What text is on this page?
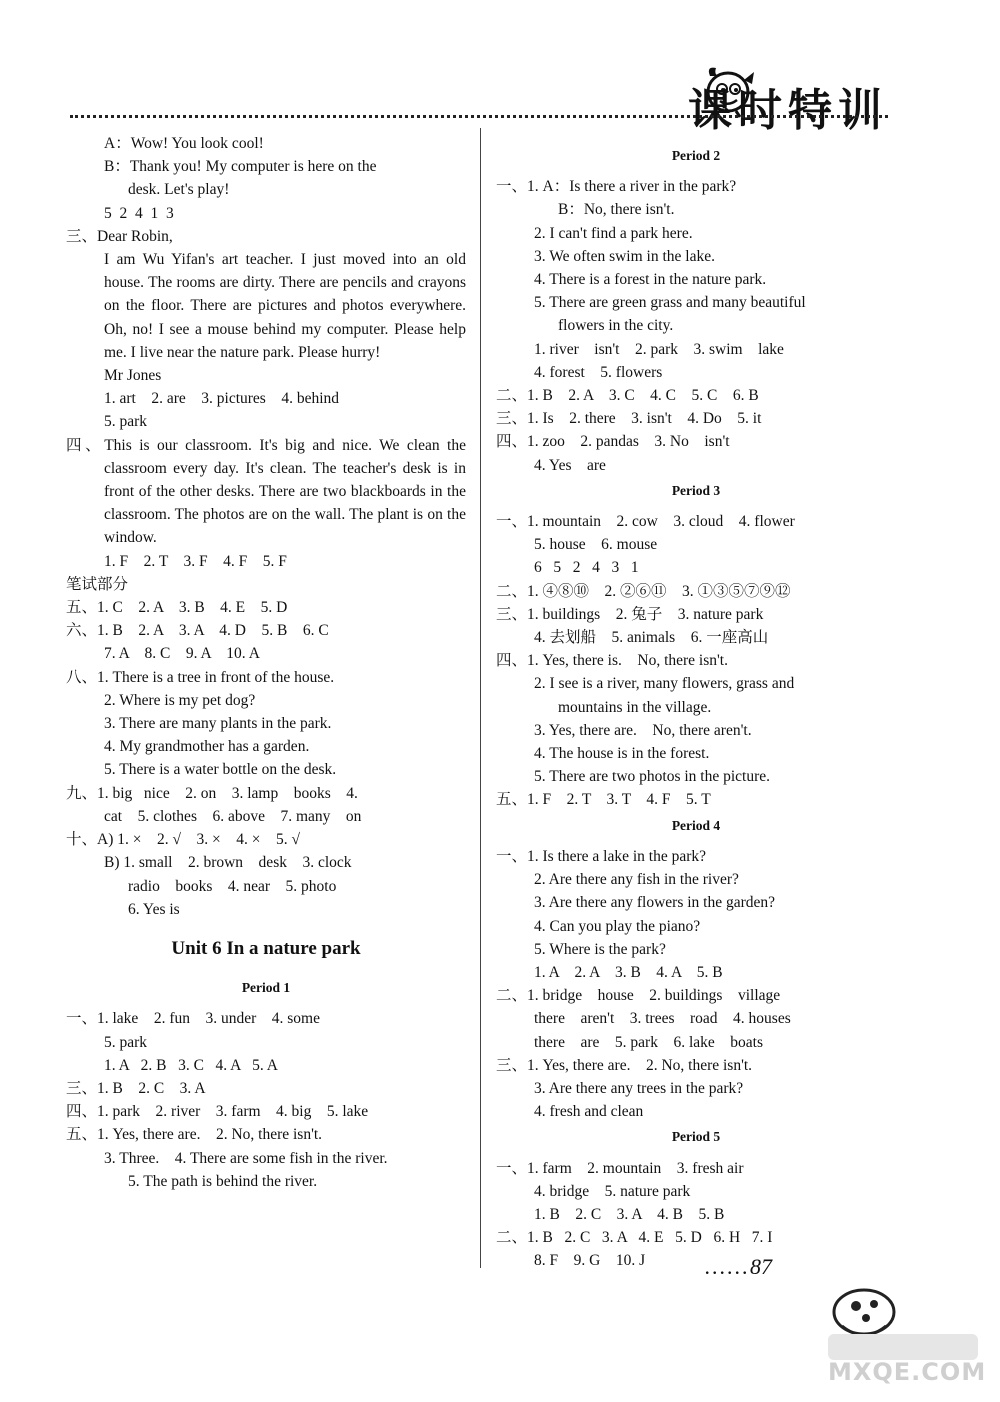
课时特训
A：Wow! You look cool!
B：Thank you! My computer is here on the
desk. Let's play!
5  2  4  1  3
三、Dear Robin,
I am Wu Yifan's art teacher. I just moved into an old house. The rooms are dirty. There are pencils and crayons on the floor. There are pictures and photos everywhere. Oh, no! I see a mouse behind my computer. Please help me. I live near the nature park. Please hurry!
Mr Jones
1. art    2. are    3. pictures    4. behind
5. park
四、This is our classroom. It's big and nice. We clean the classroom every day. It's clean. The teacher's desk is in front of the other desks. There are two blackboards in the classroom. The photos are on the wall. The plant is on the window.
1. F    2. T    3. F    4. F    5. F
笔试部分
五、1. C    2. A    3. B    4. E    5. D
六、1. B    2. A    3. A    4. D    5. B    6. C
7. A    8. C    9. A    10. A
八、1. There is a tree in front of the house.
2. Where is my pet dog?
3. There are many plants in the park.
4. My grandmother has a garden.
5. There is a water bottle on the desk.
九、1. big   nice    2. on    3. lamp    books    4.
cat    5. clothes    6. above    7. many    on
十、A) 1. ×    2. √    3. ×    4. ×    5. √
B) 1. small    2. brown    desk    3. clock
radio    books    4. near    5. photo
6. Yes is
Unit 6 In a nature park
Period 1
一、1. lake    2. fun    3. under    4. some
5. park
1. A   2. B   3. C   4. A   5. A
三、1. B    2. C    3. A
四、1. park    2. river    3. farm    4. big    5. lake
五、1. Yes, there are.    2. No, there isn't.
3. Three.    4. There are some fish in the river.
5. The path is behind the river.
Period 2
一、1. A：Is there a river in the park?
B：No, there isn't.
2. I can't find a park here.
3. We often swim in the lake.
4. There is a forest in the nature park.
5. There are green grass and many beautiful
flowers in the city.
1. river    isn't    2. park    3. swim    lake
4. forest    5. flowers
二、1. B    2. A    3. C    4. C    5. C    6. B
三、1. Is    2. there    3. isn't    4. Do    5. it
四、1. zoo    2. pandas    3. No    isn't
4. Yes    are
Period 3
一、1. mountain    2. cow    3. cloud    4. flower
5. house    6. mouse
6   5   2   4   3   1
二、1. ④⑧⑩    2. ②⑥⑪    3. ①③⑤⑦⑨⑫
三、1. buildings    2. 兔子    3. nature park
4. 去划船    5. animals    6. 一座高山
四、1. Yes, there is.    No, there isn't.
2. I see is a river, many flowers, grass and
mountains in the village.
3. Yes, there are.    No, there aren't.
4. The house is in the forest.
5. There are two photos in the picture.
五、1. F    2. T    3. T    4. F    5. T
Period 4
一、1. Is there a lake in the park?
2. Are there any fish in the river?
3. Are there any flowers in the garden?
4. Can you play the piano?
5. Where is the park?
1. A    2. A    3. B    4. A    5. B
二、1. bridge    house    2. buildings    village
there    aren't    3. trees    road    4. houses
there    are    5. park    6. lake    boats
三、1. Yes, there are.    2. No, there isn't.
3. Are there any trees in the park?
4. fresh and clean
Period 5
一、1. farm    2. mountain    3. fresh air
4. bridge    5. nature park
1. B    2. C    3. A    4. B    5. B
二、1. B   2. C   3. A   4. E   5. D   6. H   7. I
8. F    9. G    10. J	......87
MXQE.COM
